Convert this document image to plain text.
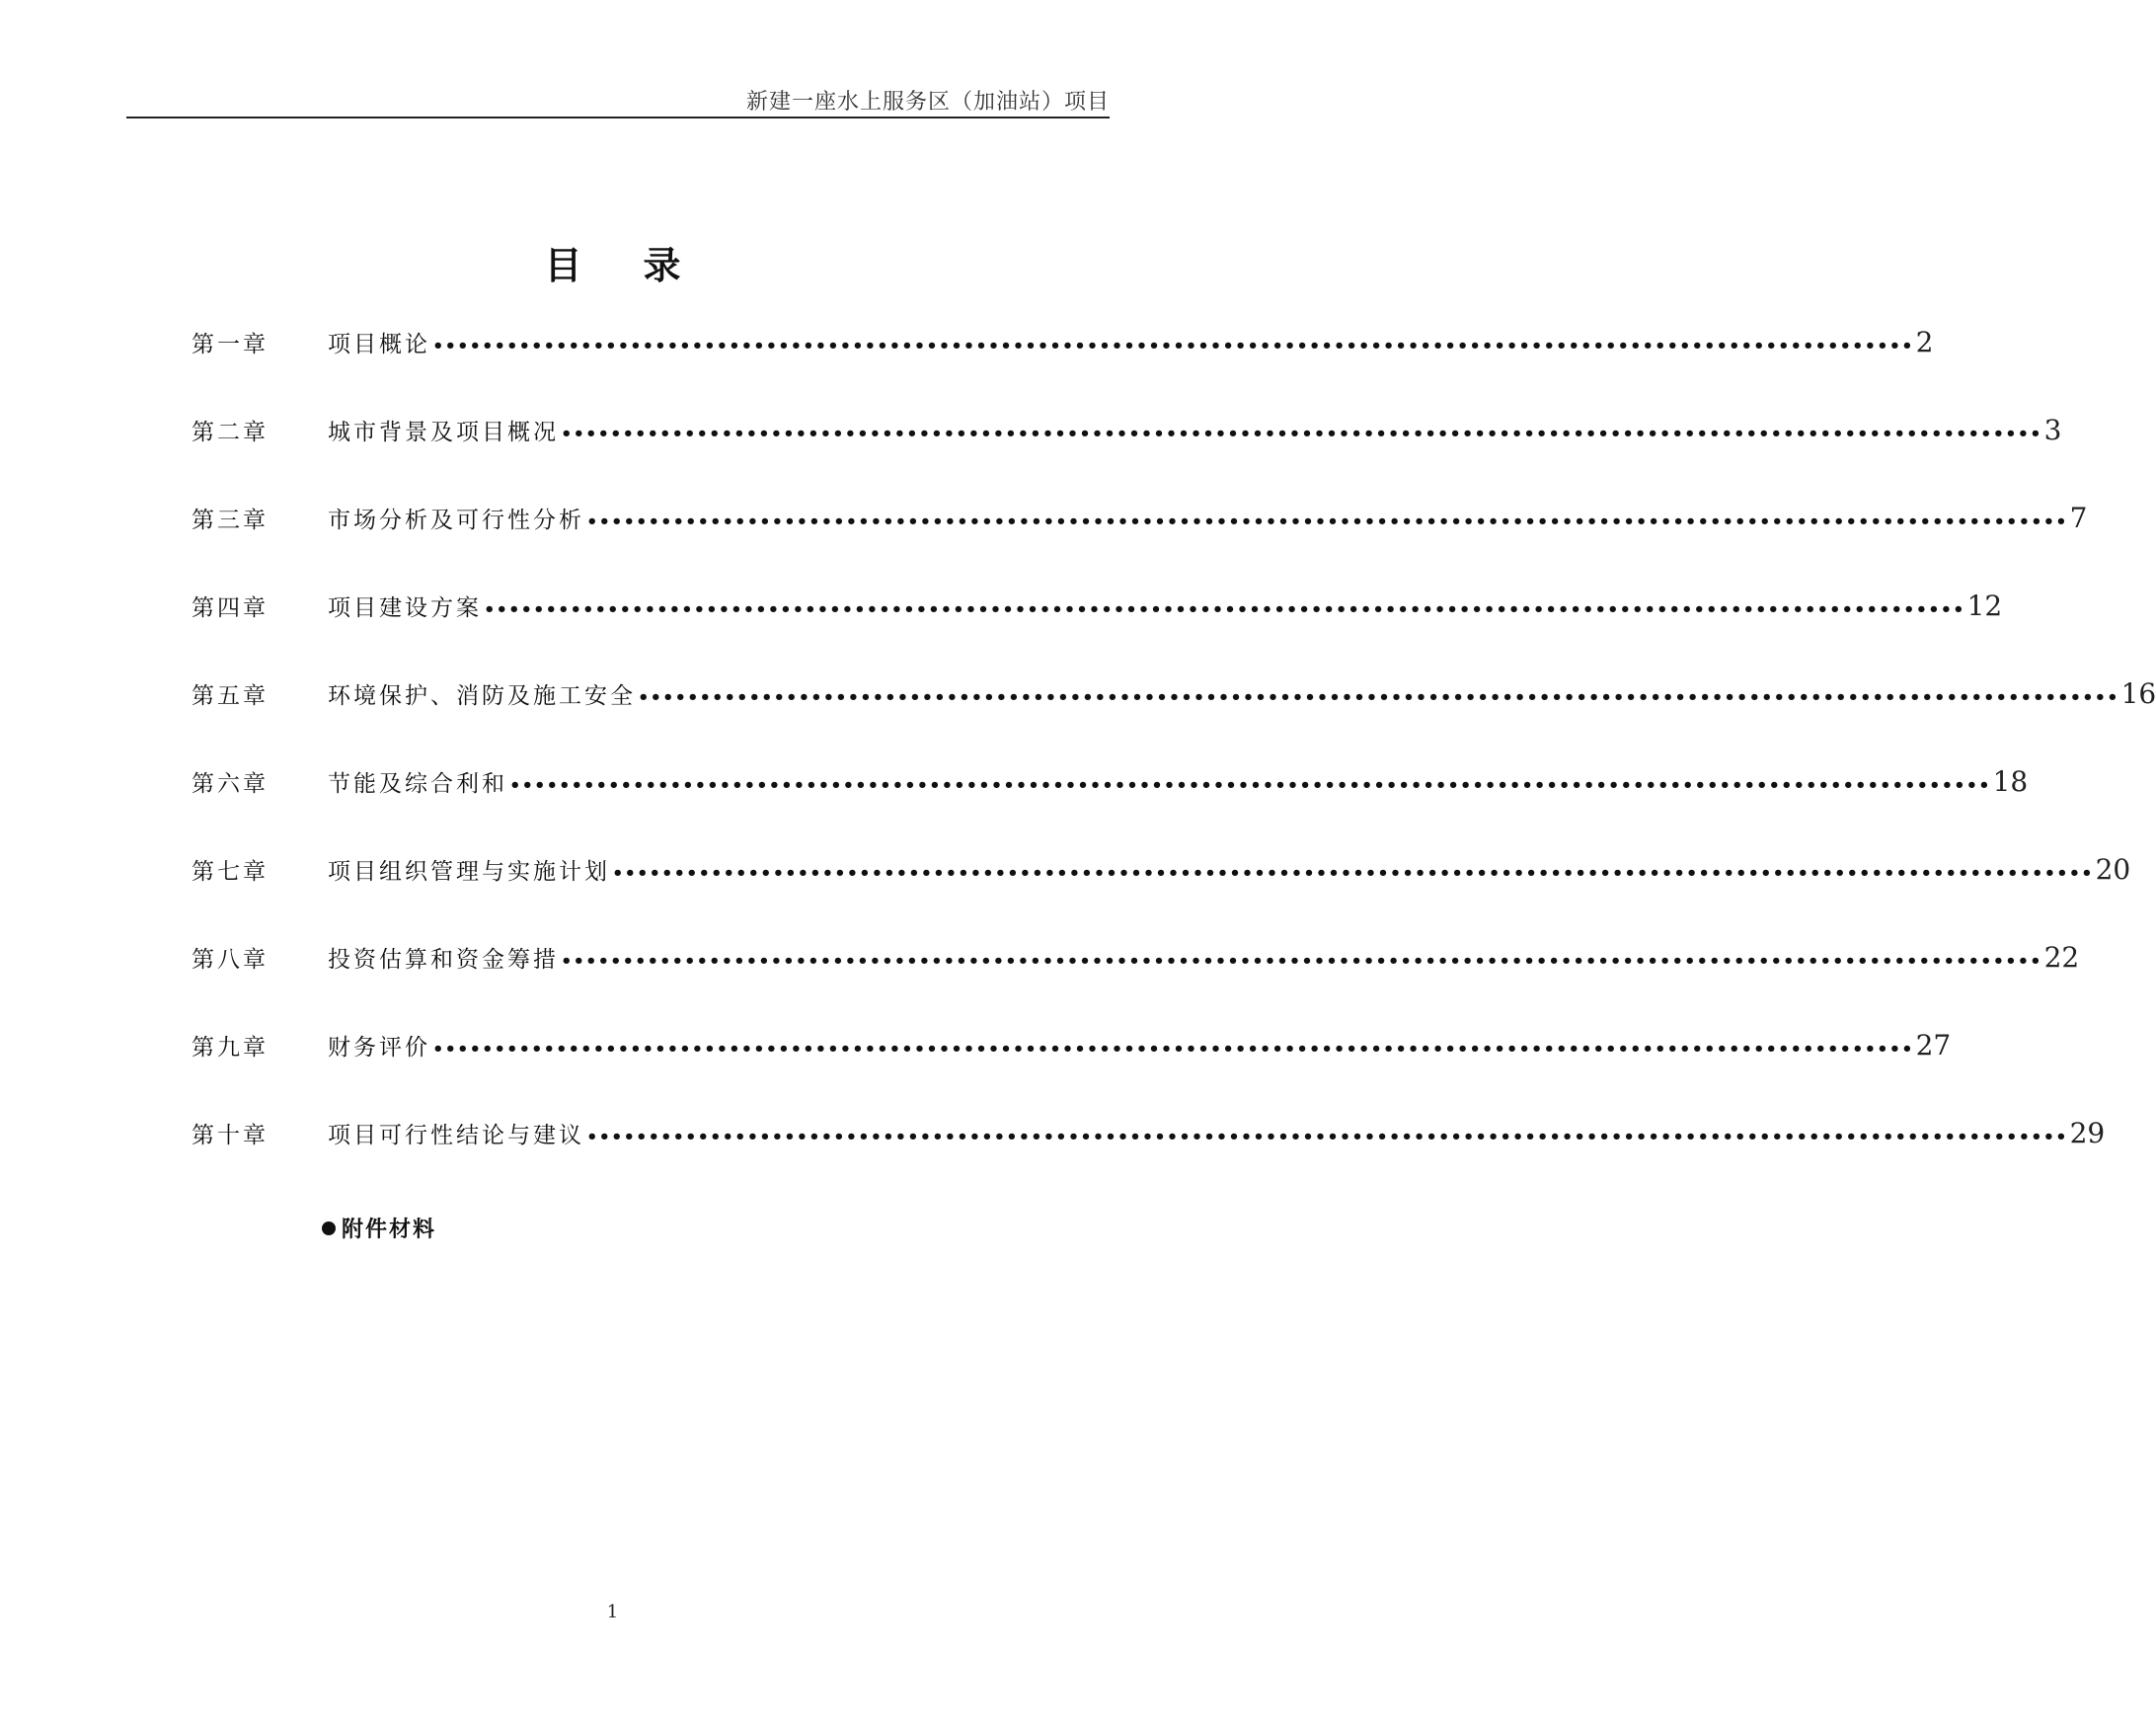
新建一座水上服务区（加油站）项目
目录
第一章	项目概论 •••••••••••••••••••••••••••••••••••••••••••••••••••••••••••••••••••••••••••••••••••••••••••••••••••••••••••••••••••••••• 2
第二章	城市背景及项目概况 •••••••••••••••••••••••••••••••••••••••••••••••••••••••••••••••••••••••••••••••••••••••••••••••••••••••••••••••••••••••• 3
第三章	市场分析及可行性分析 •••••••••••••••••••••••••••••••••••••••••••••••••••••••••••••••••••••••••••••••••••••••••••••••••••••••••••••••••••••••• 7
第四章	项目建设方案 •••••••••••••••••••••••••••••••••••••••••••••••••••••••••••••••••••••••••••••••••••••••••••••••••••••••••••••••••••••••• 12
第五章	环境保护、消防及施工安全 •••••••••••••••••••••••••••••••••••••••••••••••••••••••••••••••••••••••••••••••••••••••••••••••••••••••••••••••••••••••• 16
第六章	节能及综合利和 •••••••••••••••••••••••••••••••••••••••••••••••••••••••••••••••••••••••••••••••••••••••••••••••••••••••••••••••••••••••• 18
第七章	项目组织管理与实施计划 •••••••••••••••••••••••••••••••••••••••••••••••••••••••••••••••••••••••••••••••••••••••••••••••••••••••••••••••••••••••• 20
第八章	投资估算和资金筹措 •••••••••••••••••••••••••••••••••••••••••••••••••••••••••••••••••••••••••••••••••••••••••••••••••••••••••••••••••••••••• 22
第九章	财务评价 •••••••••••••••••••••••••••••••••••••••••••••••••••••••••••••••••••••••••••••••••••••••••••••••••••••••••••••••••••••••• 27
第十章	项目可行性结论与建议 •••••••••••••••••••••••••••••••••••••••••••••••••••••••••••••••••••••••••••••••••••••••••••••••••••••••••••••••••••••••• 29
附件材料
1
